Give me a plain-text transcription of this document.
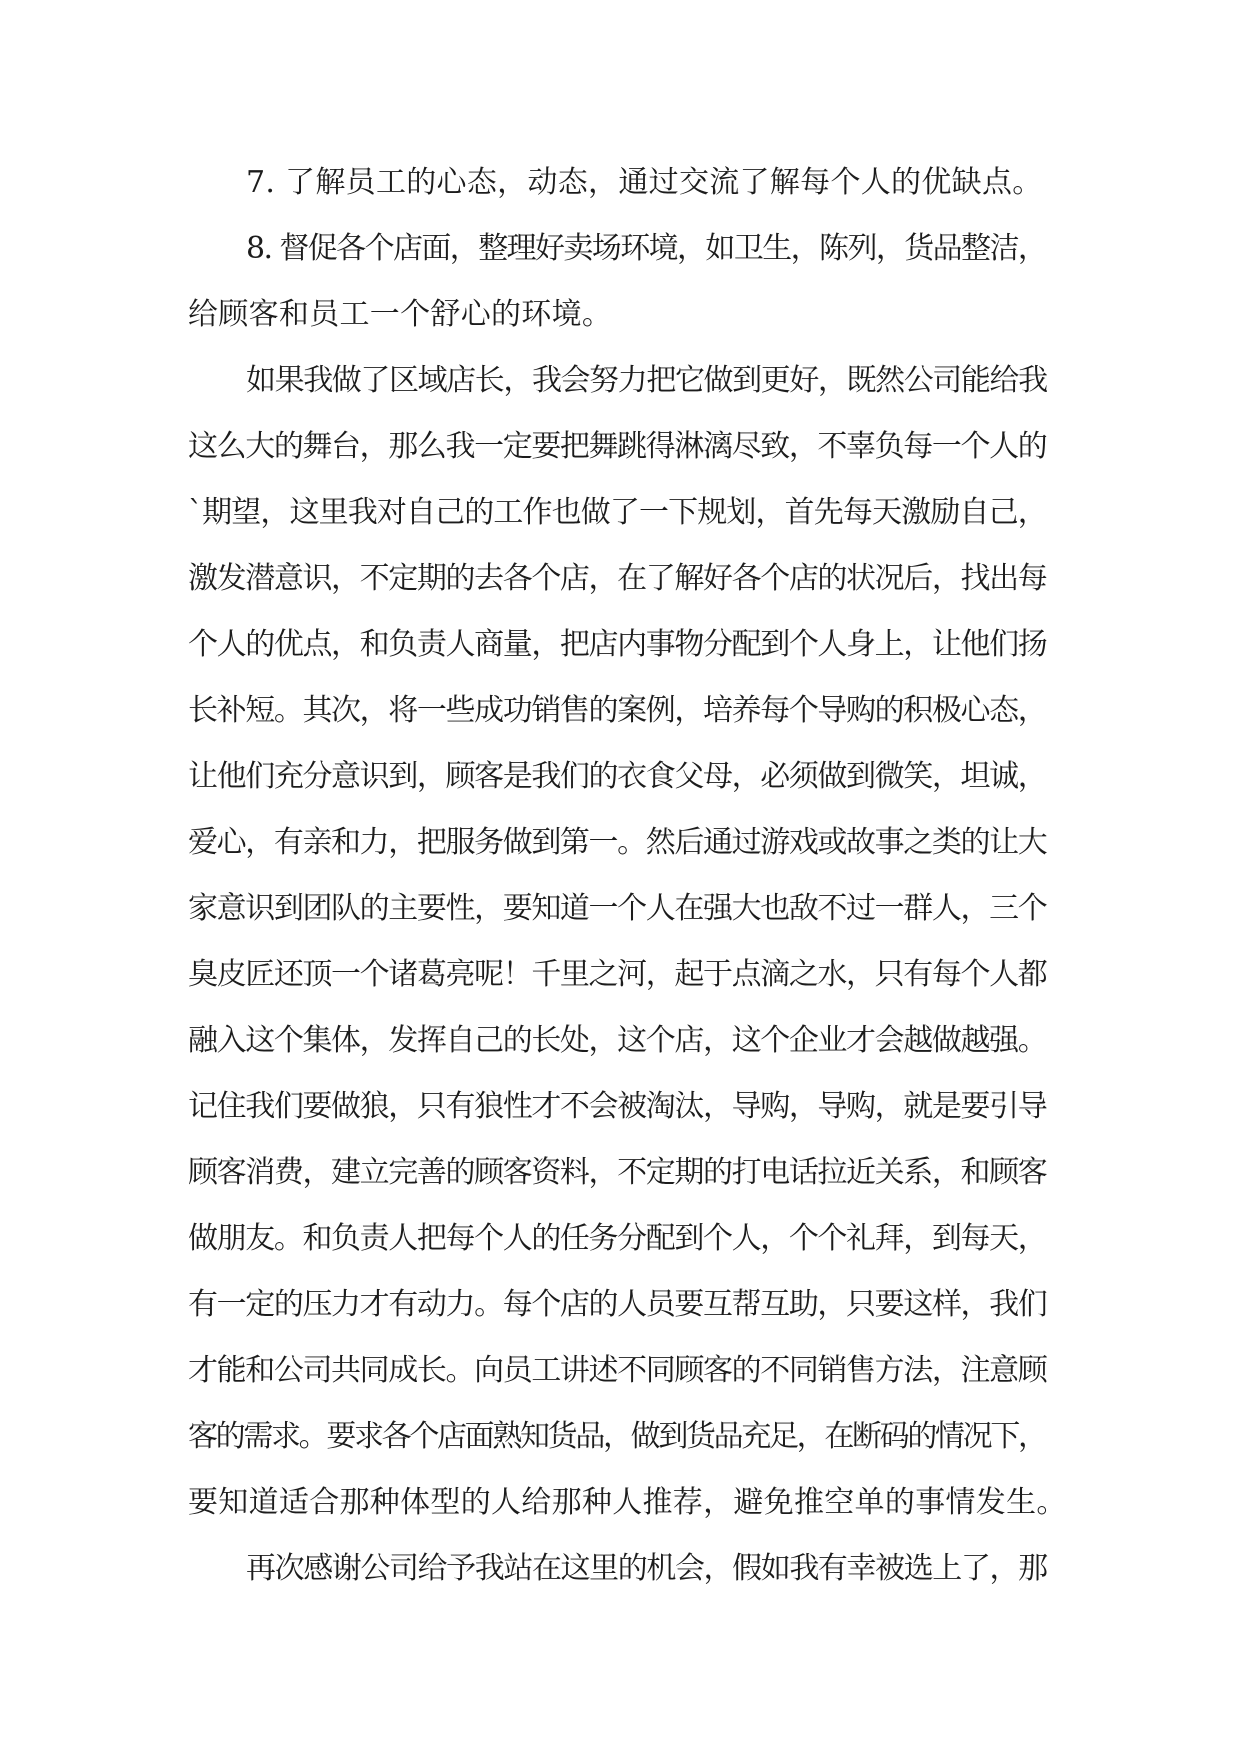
7. 了解员工的心态，动态，通过交流了解每个人的优缺点。
8. 督促各个店面，整理好卖场环境，如卫生，陈列，货品整洁，
给顾客和员工一个舒心的环境。
如果我做了区域店长，我会努力把它做到更好，既然公司能给我
这么大的舞台，那么我一定要把舞跳得淋漓尽致，不辜负每一个人的
`期望，这里我对自己的工作也做了一下规划，首先每天激励自己，
激发潜意识，不定期的去各个店，在了解好各个店的状况后，找出每
个人的优点，和负责人商量，把店内事物分配到个人身上，让他们扬
长补短。其次，将一些成功销售的案例，培养每个导购的积极心态，
让他们充分意识到，顾客是我们的衣食父母，必须做到微笑，坦诚，
爱心，有亲和力，把服务做到第一。然后通过游戏或故事之类的让大
家意识到团队的主要性，要知道一个人在强大也敌不过一群人，三个
臭皮匠还顶一个诸葛亮呢！千里之河，起于点滴之水，只有每个人都
融入这个集体，发挥自己的长处，这个店，这个企业才会越做越强。
记住我们要做狼，只有狼性才不会被淘汰，导购，导购，就是要引导
顾客消费，建立完善的顾客资料，不定期的打电话拉近关系，和顾客
做朋友。和负责人把每个人的任务分配到个人，个个礼拜，到每天，
有一定的压力才有动力。每个店的人员要互帮互助，只要这样，我们
才能和公司共同成长。向员工讲述不同顾客的不同销售方法，注意顾
客的需求。要求各个店面熟知货品，做到货品充足，在断码的情况下，
要知道适合那种体型的人给那种人推荐，避免推空单的事情发生。
再次感谢公司给予我站在这里的机会，假如我有幸被选上了，那
